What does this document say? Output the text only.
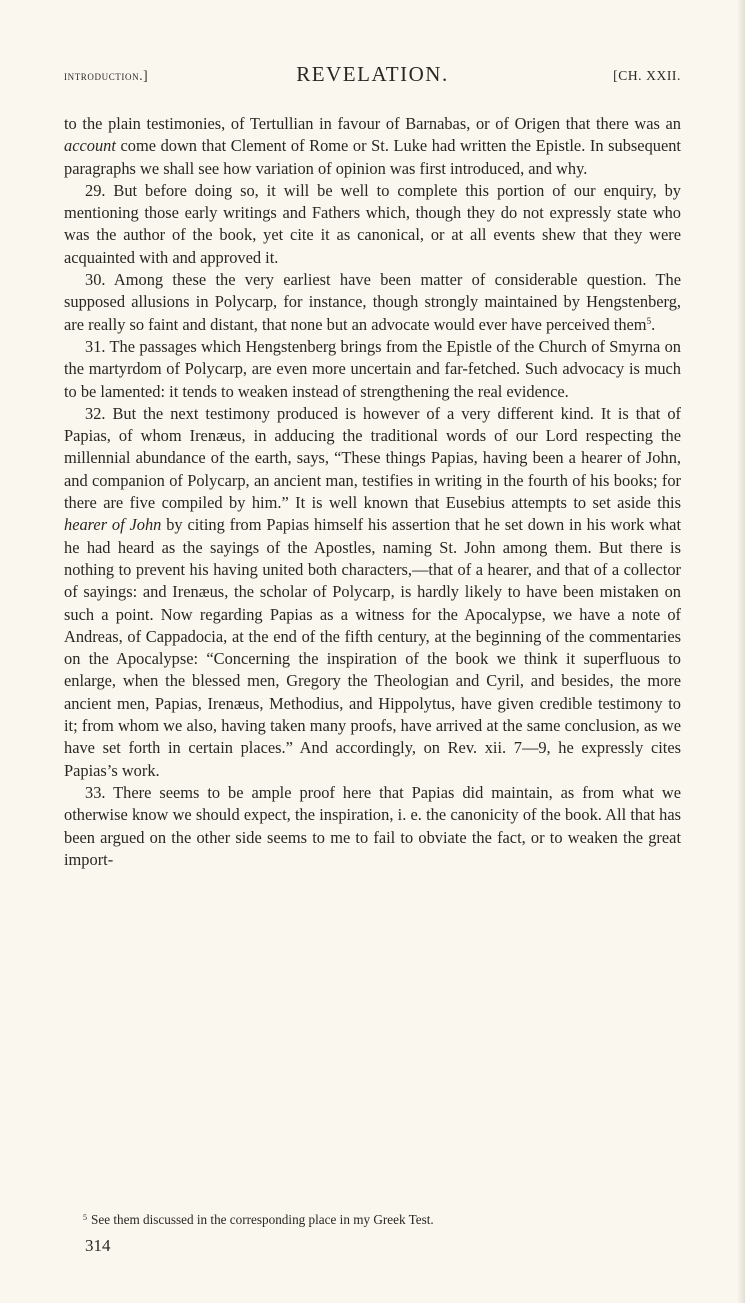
introduction.]	REVELATION.	[CH. XXII.

to the plain testimonies, of Tertullian in favour of Barnabas, or of Origen that there was an account come down that Clement of Rome or St. Luke had written the Epistle. In subsequent paragraphs we shall see how variation of opinion was first introduced, and why.

29. But before doing so, it will be well to complete this portion of our enquiry, by mentioning those early writings and Fathers which, though they do not expressly state who was the author of the book, yet cite it as canonical, or at all events shew that they were acquainted with and approved it.

30. Among these the very earliest have been matter of considerable question. The supposed allusions in Polycarp, for instance, though strongly maintained by Hengstenberg, are really so faint and distant, that none but an advocate would ever have perceived them$^5$.

31. The passages which Hengstenberg brings from the Epistle of the Church of Smyrna on the martyrdom of Polycarp, are even more uncertain and far-fetched. Such advocacy is much to be lamented: it tends to weaken instead of strengthening the real evidence.

32. But the next testimony produced is however of a very different kind. It is that of Papias, of whom Irenæus, in adducing the traditional words of our Lord respecting the millennial abundance of the earth, says, “These things Papias, having been a hearer of John, and companion of Polycarp, an ancient man, testifies in writing in the fourth of his books; for there are five compiled by him.” It is well known that Eusebius attempts to set aside this hearer of John by citing from Papias himself his assertion that he set down in his work what he had heard as the sayings of the Apostles, naming St. John among them. But there is nothing to prevent his having united both characters,—that of a hearer, and that of a collector of sayings: and Irenæus, the scholar of Polycarp, is hardly likely to have been mistaken on such a point. Now regarding Papias as a witness for the Apocalypse, we have a note of Andreas, of Cappadocia, at the end of the fifth century, at the beginning of the commentaries on the Apocalypse: “Concerning the inspiration of the book we think it superfluous to enlarge, when the blessed men, Gregory the Theologian and Cyril, and besides, the more ancient men, Papias, Irenæus, Methodius, and Hippolytus, have given credible testimony to it; from whom we also, having taken many proofs, have arrived at the same conclusion, as we have set forth in certain places.” And accordingly, on Rev. xii. 7—9, he expressly cites Papias’s work.

33. There seems to be ample proof here that Papias did maintain, as from what we otherwise know we should expect, the inspiration, i. e. the canonicity of the book. All that has been argued on the other side seems to me to fail to obviate the fact, or to weaken the great import-

$^5$ See them discussed in the corresponding place in my Greek Test.
314
